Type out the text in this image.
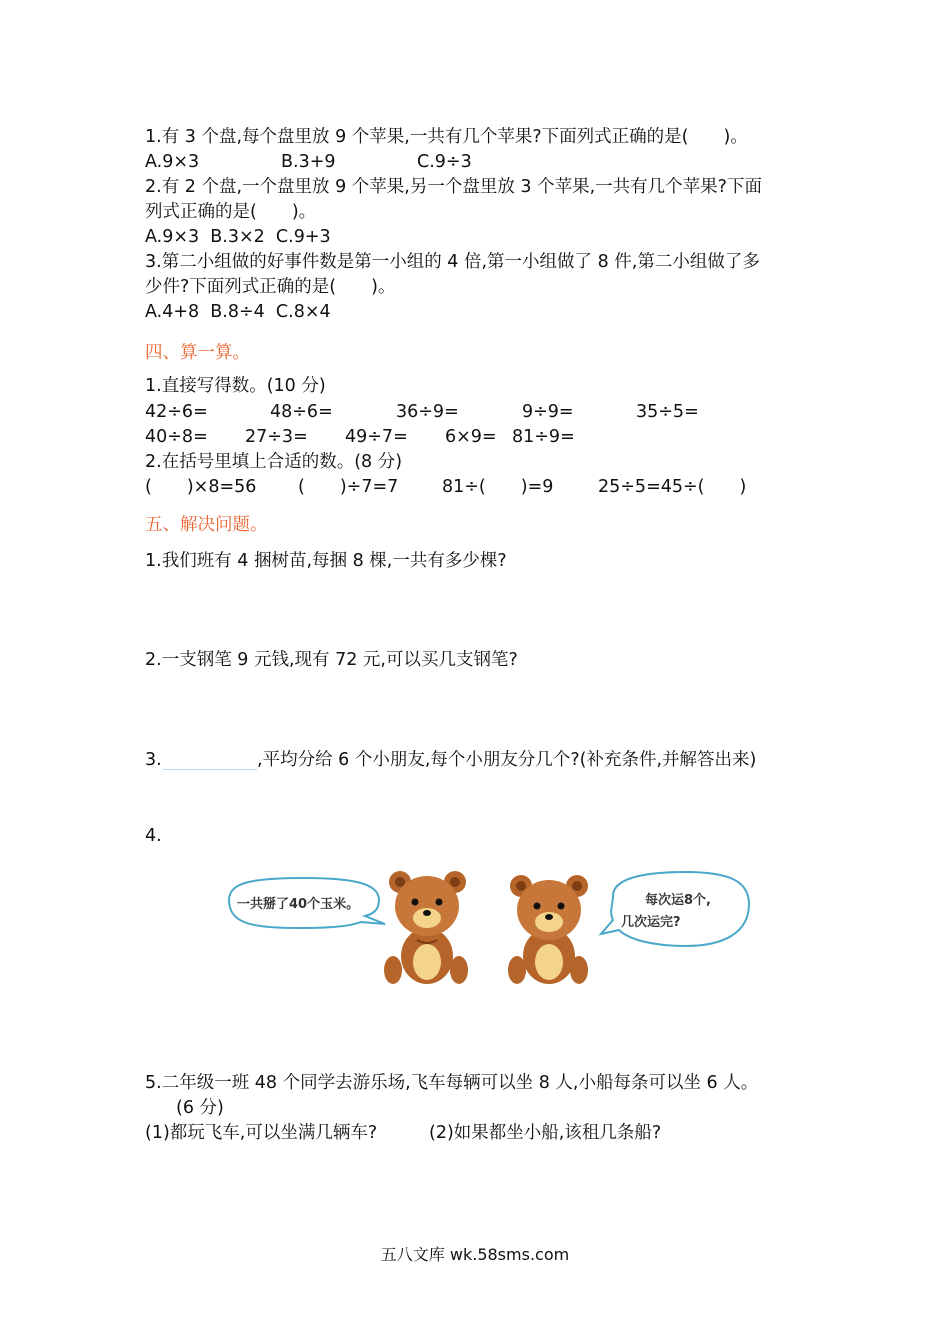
1.有 3 个盘,每个盘里放 9 个苹果,一共有几个苹果?下面列式正确的是(　　)。
A.9×3	B.3+9	C.9÷3
2.有 2 个盘,一个盘里放 9 个苹果,另一个盘里放 3 个苹果,一共有几个苹果?下面
列式正确的是(　　)。
A.9×3  B.3×2  C.9+3
3.第二小组做的好事件数是第一小组的 4 倍,第一小组做了 8 件,第二小组做了多
少件?下面列式正确的是(　　)。
A.4+8  B.8÷4  C.8×4
四、算一算。
1.直接写得数。(10 分)
42÷6=	48÷6=	36÷9=	9÷9=	35÷5=
40÷8= 27÷3= 49÷7= 6×9= 81÷9=
2.在括号里填上合适的数。(8 分)
(　　)×8=56 (　　)÷7=7	81÷(　　)=9	25÷5=45÷(　　)
五、解决问题。
1.我们班有 4 捆树苗,每捆 8 棵,一共有多少棵?
2.一支钢笔 9 元钱,现有 72 元,可以买几支钢笔?
3.	,平均分给 6 个小朋友,每个小朋友分几个?(补充条件,并解答出来)
4.
一共掰了40个玉米。	每次运8个,
几次运完?
5.二年级一班 48 个同学去游乐场,飞车每辆可以坐 8 人,小船每条可以坐 6 人。
(6 分)
(1)都玩飞车,可以坐满几辆车?	(2)如果都坐小船,该租几条船?
五八文库 wk.58sms.com
